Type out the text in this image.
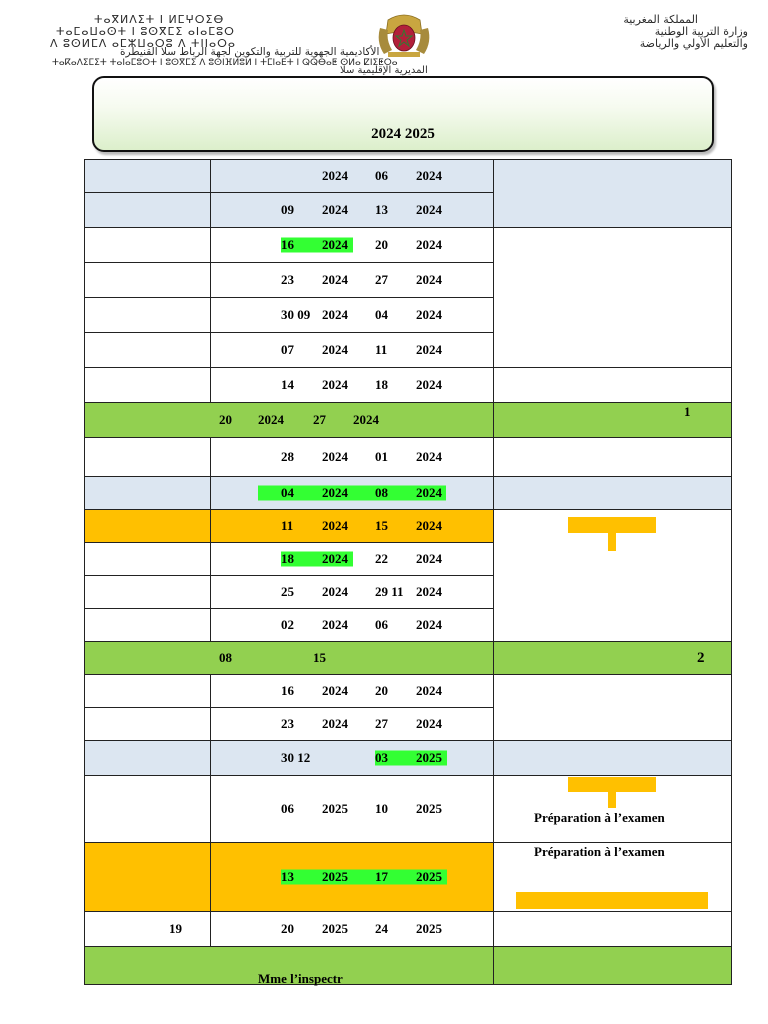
ⵜⴰⴳⵍⴷⵉⵜ ⵏ ⵍⵎⵖⵔⵉⴱ
ⵜⴰⵎⴰⵡⴰⵙⵜ ⵏ ⵓⵙⴳⵎⵉ ⴰⵏⴰⵎⵓⵔ
ⴷ ⵓⵙⵍⵎⴷ ⴰⵎⵣⵡⴰⵔⵓ ⴷ ⵜⵏⵏⴰⵔⴰ
المملكة المغربية
وزارة التربية الوطنية
والتعليم الأولي والرياضة
الأكاديمية الجهوية للتربية والتكوين لجهة الرباط سلا القنيطرة
ⵜⴰⴽⴰⴷⵉⵎⵉⵜ ⵜⴰⵏⴰⵎⵓⵔⵜ ⵏ ⵓⵙⴳⵎⵉ ⴷ ⵓⵙⵏⴼⵍⵓⵍ ⵏ ⵜⵎⵏⴰⴹⵜ ⵏ ⵕⵕⴱⴰⵟ ⵙⵍⴰ ⵇⵏⵉⵟⵔⴰ
المديرية الإقليمية سلا
2024 2025

	2024 06 2024	

	09 2024 13 2024	

	16 2024 20 2024	

	23 2024 27 2024	

	30 09 2024 04 2024	

	07 2024 11 2024	

	14 2024 18 2024	

20 2024 27 2024		1

	28 2024 01 2024	

	04 2024 08 2024	

	11 2024 15 2024	

	18 2024 22 2024	

	25 2024 29 11 2024	

	02 2024 06 2024	

08 15		2

	16 2024 20 2024	

	23 2024 27 2024	

	30 12 03 2025	

	06 2025 10 2025	Préparation à l’examen

	13 2025 17 2025	Préparation à l’examen

19	20 2025 24 2025	

Mme l’inspectr
